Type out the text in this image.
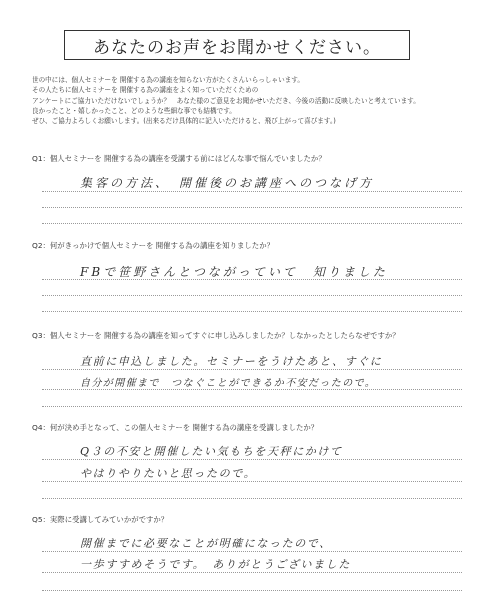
あなたのお声をお聞かせください。
世の中には、個人セミナーを 開催する為の講座を知らない方がたくさんいらっしゃいます。
その人たちに個人セミナーを 開催する為の講座をよく知っていただくための
アンケートにご協力いただけないでしょうか？　あなた様のご意見をお聞かせいただき、今後の活動に反映したいと考えています。
良かったこと・嬉しかったこと、どのような些細な事でも結構です。
ぜひ、ご協力よろしくお願いします。(出来るだけ具体的に記入いただけると、飛び上がって喜びます。)
Q1：個人セミナーを 開催する為の講座を受講する前にはどんな事で悩んでいましたか？
集客の方法、　開催後のお講座へのつなげ方
Q2：何がきっかけで個人セミナーを 開催する為の講座を知りましたか？
FBで笹野さんとつながっていて　知りました
Q3：個人セミナーを 開催する為の講座を知ってすぐに申し込みしましたか？しなかったとしたらなぜですか？
直前に申込しました。セミナーをうけたあと、すぐに
自分が開催まで　つなぐことができるか不安だったので。
Q4：何が決め手となって、この個人セミナーを 開催する為の講座を受講しましたか？
Q３の不安と開催したい気もちを天秤にかけて
やはりやりたいと思ったので。
Q5：実際に受講してみていかがですか？
開催までに必要なことが明確になったので、
一歩すすめそうです。　ありがとうございました
